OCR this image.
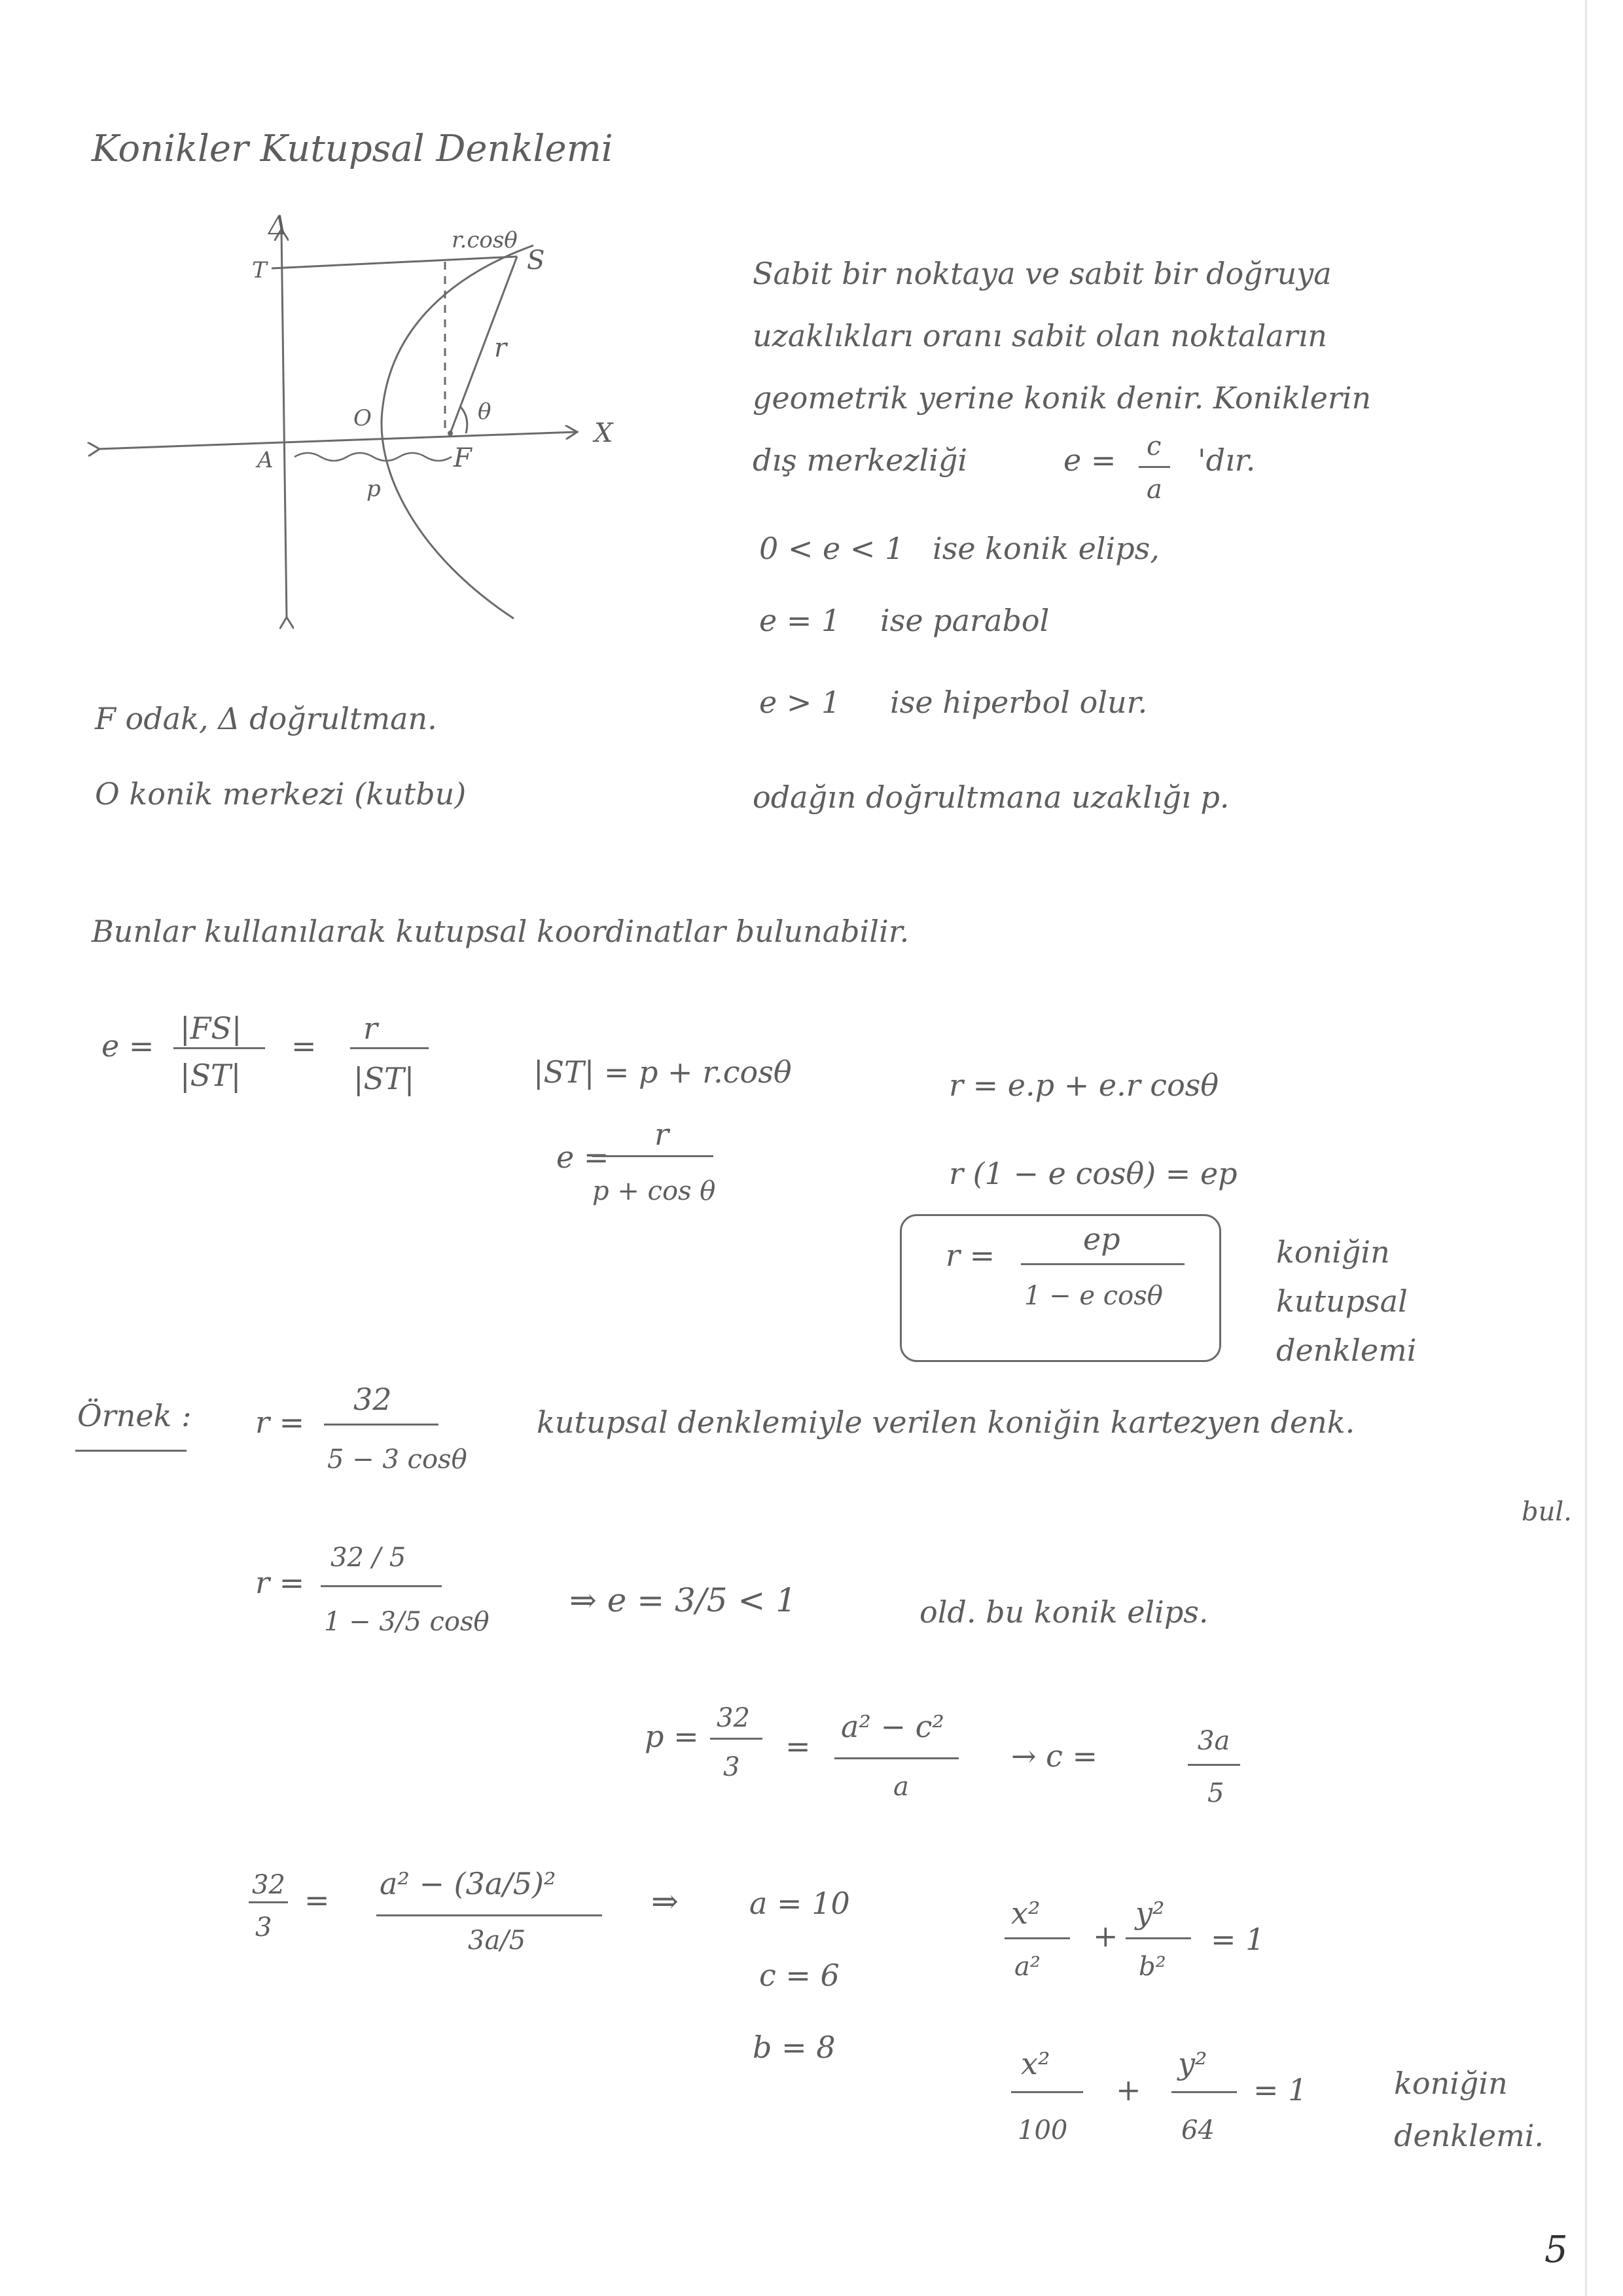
Konikler Kutupsal Denklemi
Δ
T
r.cosθ
S
r
O	θ
X
A	F
p
Sabit bir noktaya ve sabit bir doğruya
uzaklıkları oranı sabit olan noktaların
geometrik yerine konik denir. Koniklerin
dış merkezliği	e = c
a
'dır.
0 < e < 1 ise konik elips,
e = 1 ise parabol
e > 1 ise hiperbol olur.
odağın doğrultmana uzaklığı p.
F odak, Δ doğrultman.
O konik merkezi (kutbu)
Bunlar kullanılarak kutupsal koordinatlar bulunabilir.
e = |FS|
|ST|
= r
|ST|	|ST| = p + r.cosθ
e =
r
p + cos θ
r = e.p + e.r cosθ
r (1 − e cosθ) = ep
r =	ep
1 − e cosθ
koniğin
kutupsal
denklemi
Örnek : r =
32
5 − 3 cosθ
kutupsal denklemiyle verilen koniğin kartezyen denk.
bul.
r =
32 / 5
1 − 3/5 cosθ
⇒ e = 3/5 < 1	old. bu konik elips.
p =
32
3
=
a² − c²
a
→ c =	3a
5
32
3
= a² − (3a/5)²
3a/5
⇒ a = 10
c = 6
b = 8
x²
a²
+
y²
b²
= 1
x²
100
+
y²
64
= 1	koniğin
denklemi.
5
